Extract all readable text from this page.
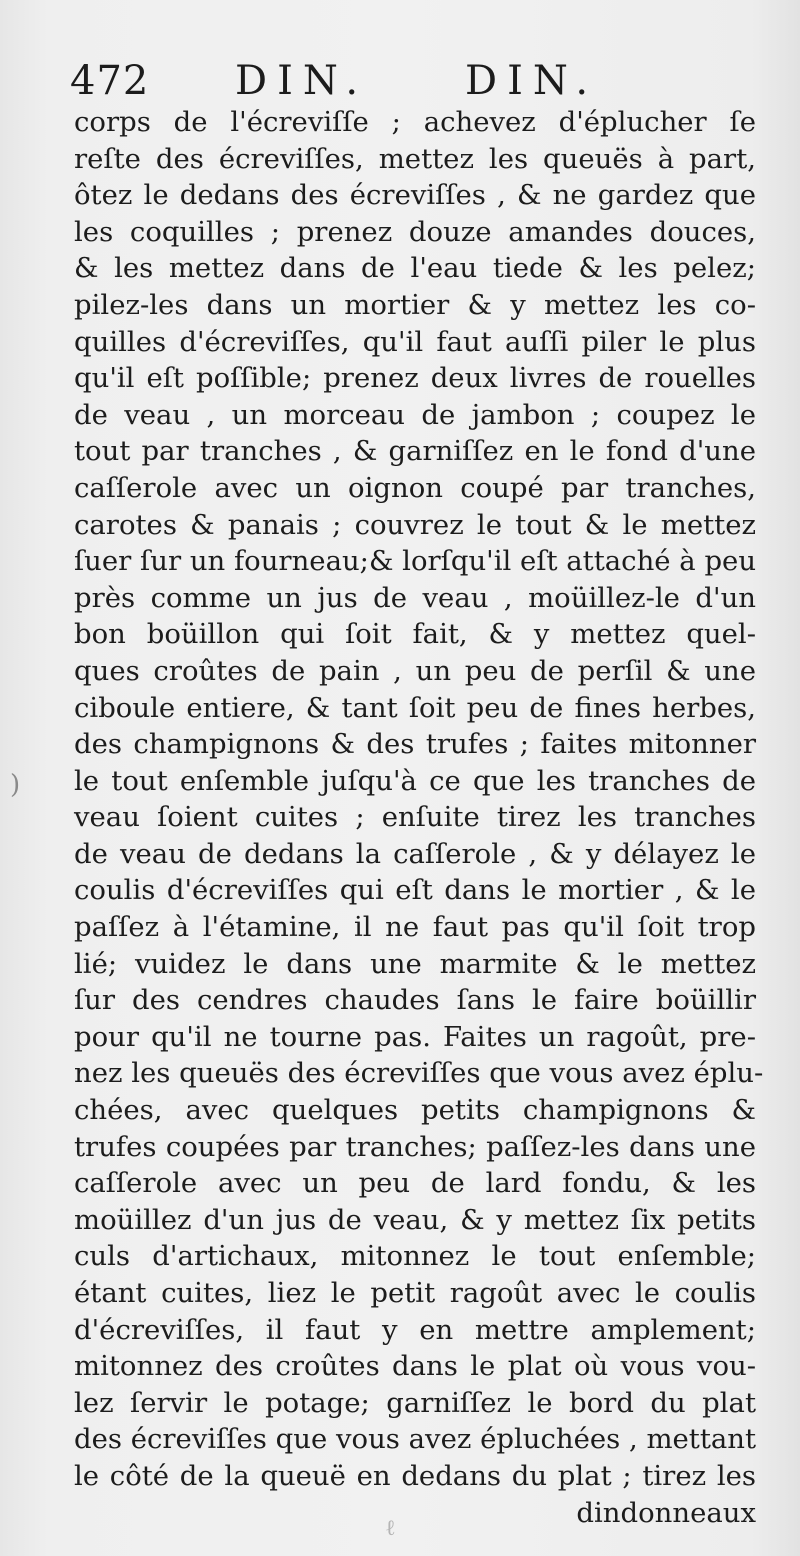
472 DIN. DIN.
corps de l'écreviſſe ; achevez d'éplucher ſe
reſte des écreviſſes, mettez les queuës à part,
ôtez le dedans des écreviſſes , & ne gardez que
les coquilles ; prenez douze amandes douces,
& les mettez dans de l'eau tiede & les pelez;
pilez-les dans un mortier & y mettez les co-
quilles d'écreviſſes, qu'il faut auſſi piler le plus
qu'il eſt poſſible; prenez deux livres de rouelles
de veau , un morceau de jambon ; coupez le
tout par tranches , & garniſſez en le fond d'une
caſſerole avec un oignon coupé par tranches,
carotes & panais ; couvrez le tout & le mettez
ſuer ſur un fourneau;& lorſqu'il eſt attaché à peu
près comme un jus de veau , moüillez-le d'un
bon boüillon qui ſoit fait, & y mettez quel-
ques croûtes de pain , un peu de perſil & une
ciboule entiere, & tant ſoit peu de fines herbes,
des champignons & des trufes ; faites mitonner
le tout enſemble juſqu'à ce que les tranches de
veau ſoient cuites ; enſuite tirez les tranches
de veau de dedans la caſſerole , & y délayez le
coulis d'écreviſſes qui eſt dans le mortier , & le
paſſez à l'étamine, il ne faut pas qu'il ſoit trop
lié; vuidez le dans une marmite & le mettez
ſur des cendres chaudes ſans le faire boüillir
pour qu'il ne tourne pas. Faites un ragoût, pre-
nez les queuës des écreviſſes que vous avez éplu-
chées, avec quelques petits champignons &
trufes coupées par tranches; paſſez-les dans une
caſſerole avec un peu de lard fondu, & les
moüillez d'un jus de veau, & y mettez ſix petits
culs d'artichaux, mitonnez le tout enſemble;
étant cuites, liez le petit ragoût avec le coulis
d'écreviſſes, il faut y en mettre amplement;
mitonnez des croûtes dans le plat où vous vou-
lez ſervir le potage; garniſſez le bord du plat
des écreviſſes que vous avez épluchées , mettant
le côté de la queuë en dedans du plat ; tirez les
dindonneaux
)
ℓ
